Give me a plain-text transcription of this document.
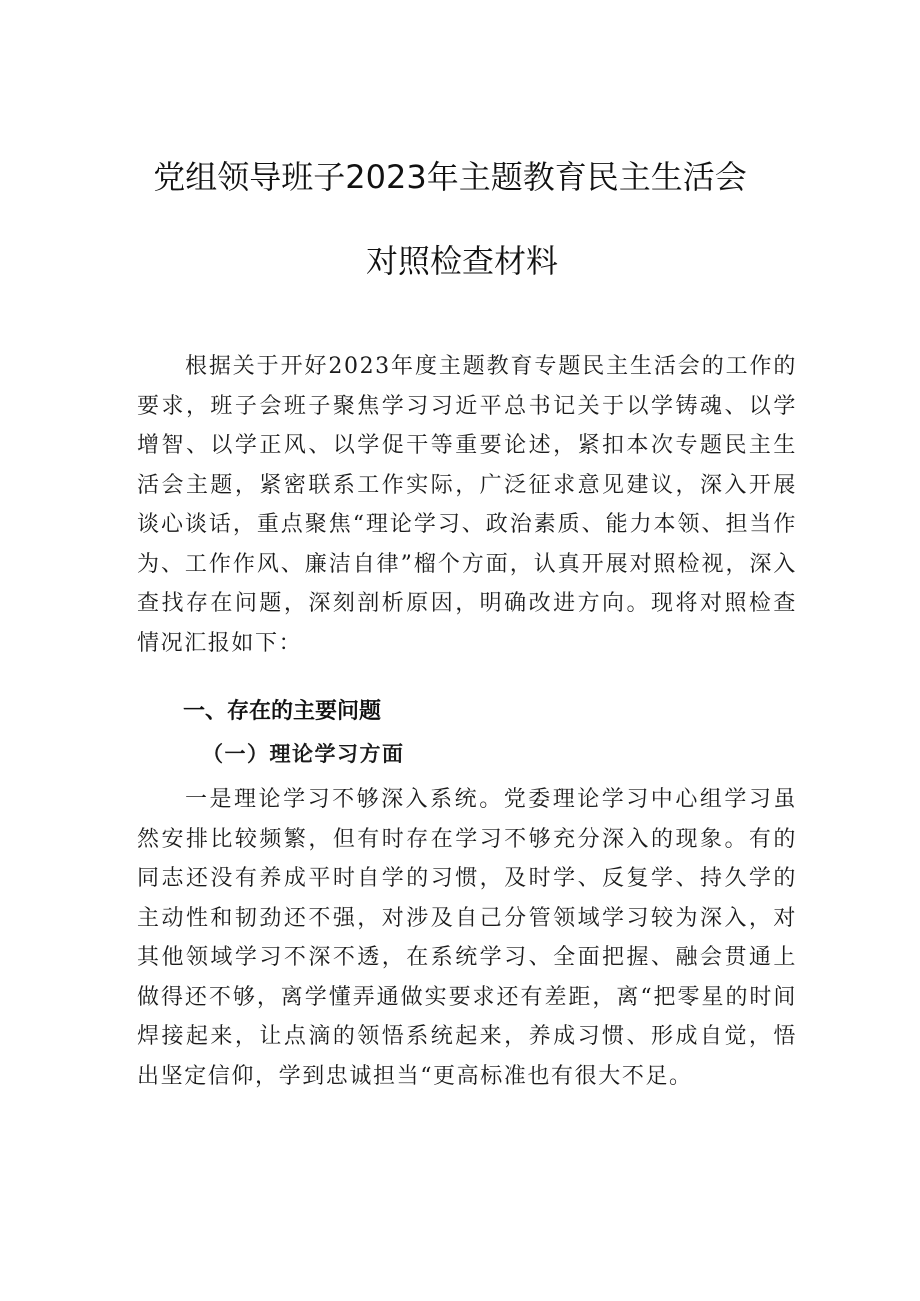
党组领导班子2023年主题教育民主生活会
对照检查材料

根据关于开好2023年度主题教育专题民主生活会的工作的要求，班子会班子聚焦学习习近平总书记关于以学铸魂、以学增智、以学正风、以学促干等重要论述，紧扣本次专题民主生活会主题，紧密联系工作实际，广泛征求意见建议，深入开展谈心谈话，重点聚焦“理论学习、政治素质、能力本领、担当作为、工作作风、廉洁自律”榴个方面，认真开展对照检视，深入查找存在问题，深刻剖析原因，明确改进方向。现将对照检查情况汇报如下：

一、存在的主要问题
（一）理论学习方面

一是理论学习不够深入系统。党委理论学习中心组学习虽然安排比较频繁，但有时存在学习不够充分深入的现象。有的同志还没有养成平时自学的习惯，及时学、反复学、持久学的主动性和韧劲还不强，对涉及自己分管领域学习较为深入，对其他领域学习不深不透，在系统学习、全面把握、融会贯通上做得还不够，离学懂弄通做实要求还有差距，离“把零星的时间焊接起来，让点滴的领悟系统起来，养成习惯、形成自觉，悟出坚定信仰，学到忠诚担当“更高标准也有很大不足。
